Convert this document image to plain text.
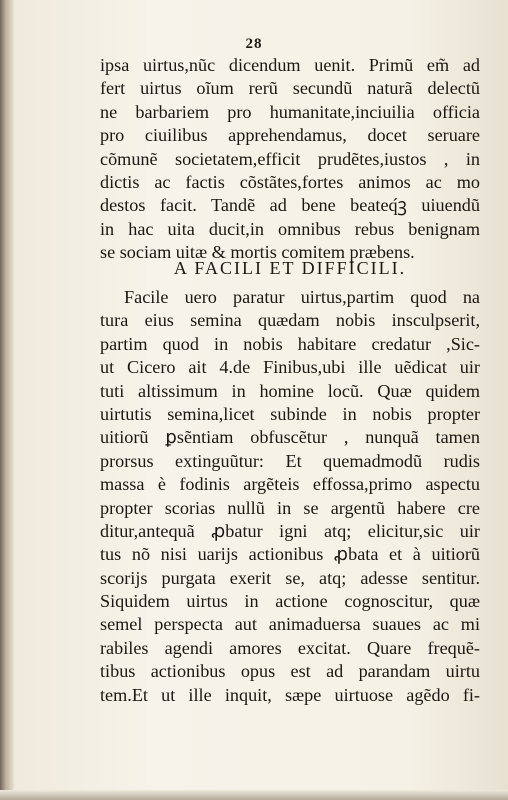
28
ipsa uirtus,nũc dicendum uenit. Primũ em̃ ad
fert uirtus oĩum rerũ secundũ naturã delectũ
ne barbariem pro humanitate,inciuilia officia
pro ciuilibus apprehendamus, docet seruare
cõmunẽ societatem,efficit prudẽtes,iustos , in
dictis ac factis cõstãtes,fortes animos ac mo
destos facit. Tandẽ ad bene beateq́ꝫ uiuendũ
in hac uita ducit,in omnibus rebus benignam
se sociam uitæ & mortis comitem præbens.
A FACILI ET DIFFICILI.
Facile uero paratur uirtus,partim quod na
tura eius semina quædam nobis insculpserit,
partim quod in nobis habitare credatur ,Sic-
ut Cicero ait 4.de Finibus,ubi ille uẽdicat uir
tuti altissimum in homine locũ. Quæ quidem
uirtutis semina,licet subinde in nobis propter
uitiorũ ꝑsẽntiam obfuscẽtur , nunquã tamen
prorsus extinguũtur: Et quemadmodũ rudis
massa è fodinis argẽteis effossa,primo aspectu
propter scorias nullũ in se argentũ habere cre
ditur,antequã ꝓbatur igni atq; elicitur,sic uir
tus nõ nisi uarijs actionibus ꝓbata et à uitiorũ
scorijs purgata exerit se, atq; adesse sentitur.
Siquidem uirtus in actione cognoscitur, quæ
semel perspecta aut animaduersa suaues ac mi
rabiles agendi amores excitat. Quare frequẽ-
tibus actionibus opus est ad parandam uirtu
tem.Et ut ille inquit, sæpe uirtuose agẽdo fi-
